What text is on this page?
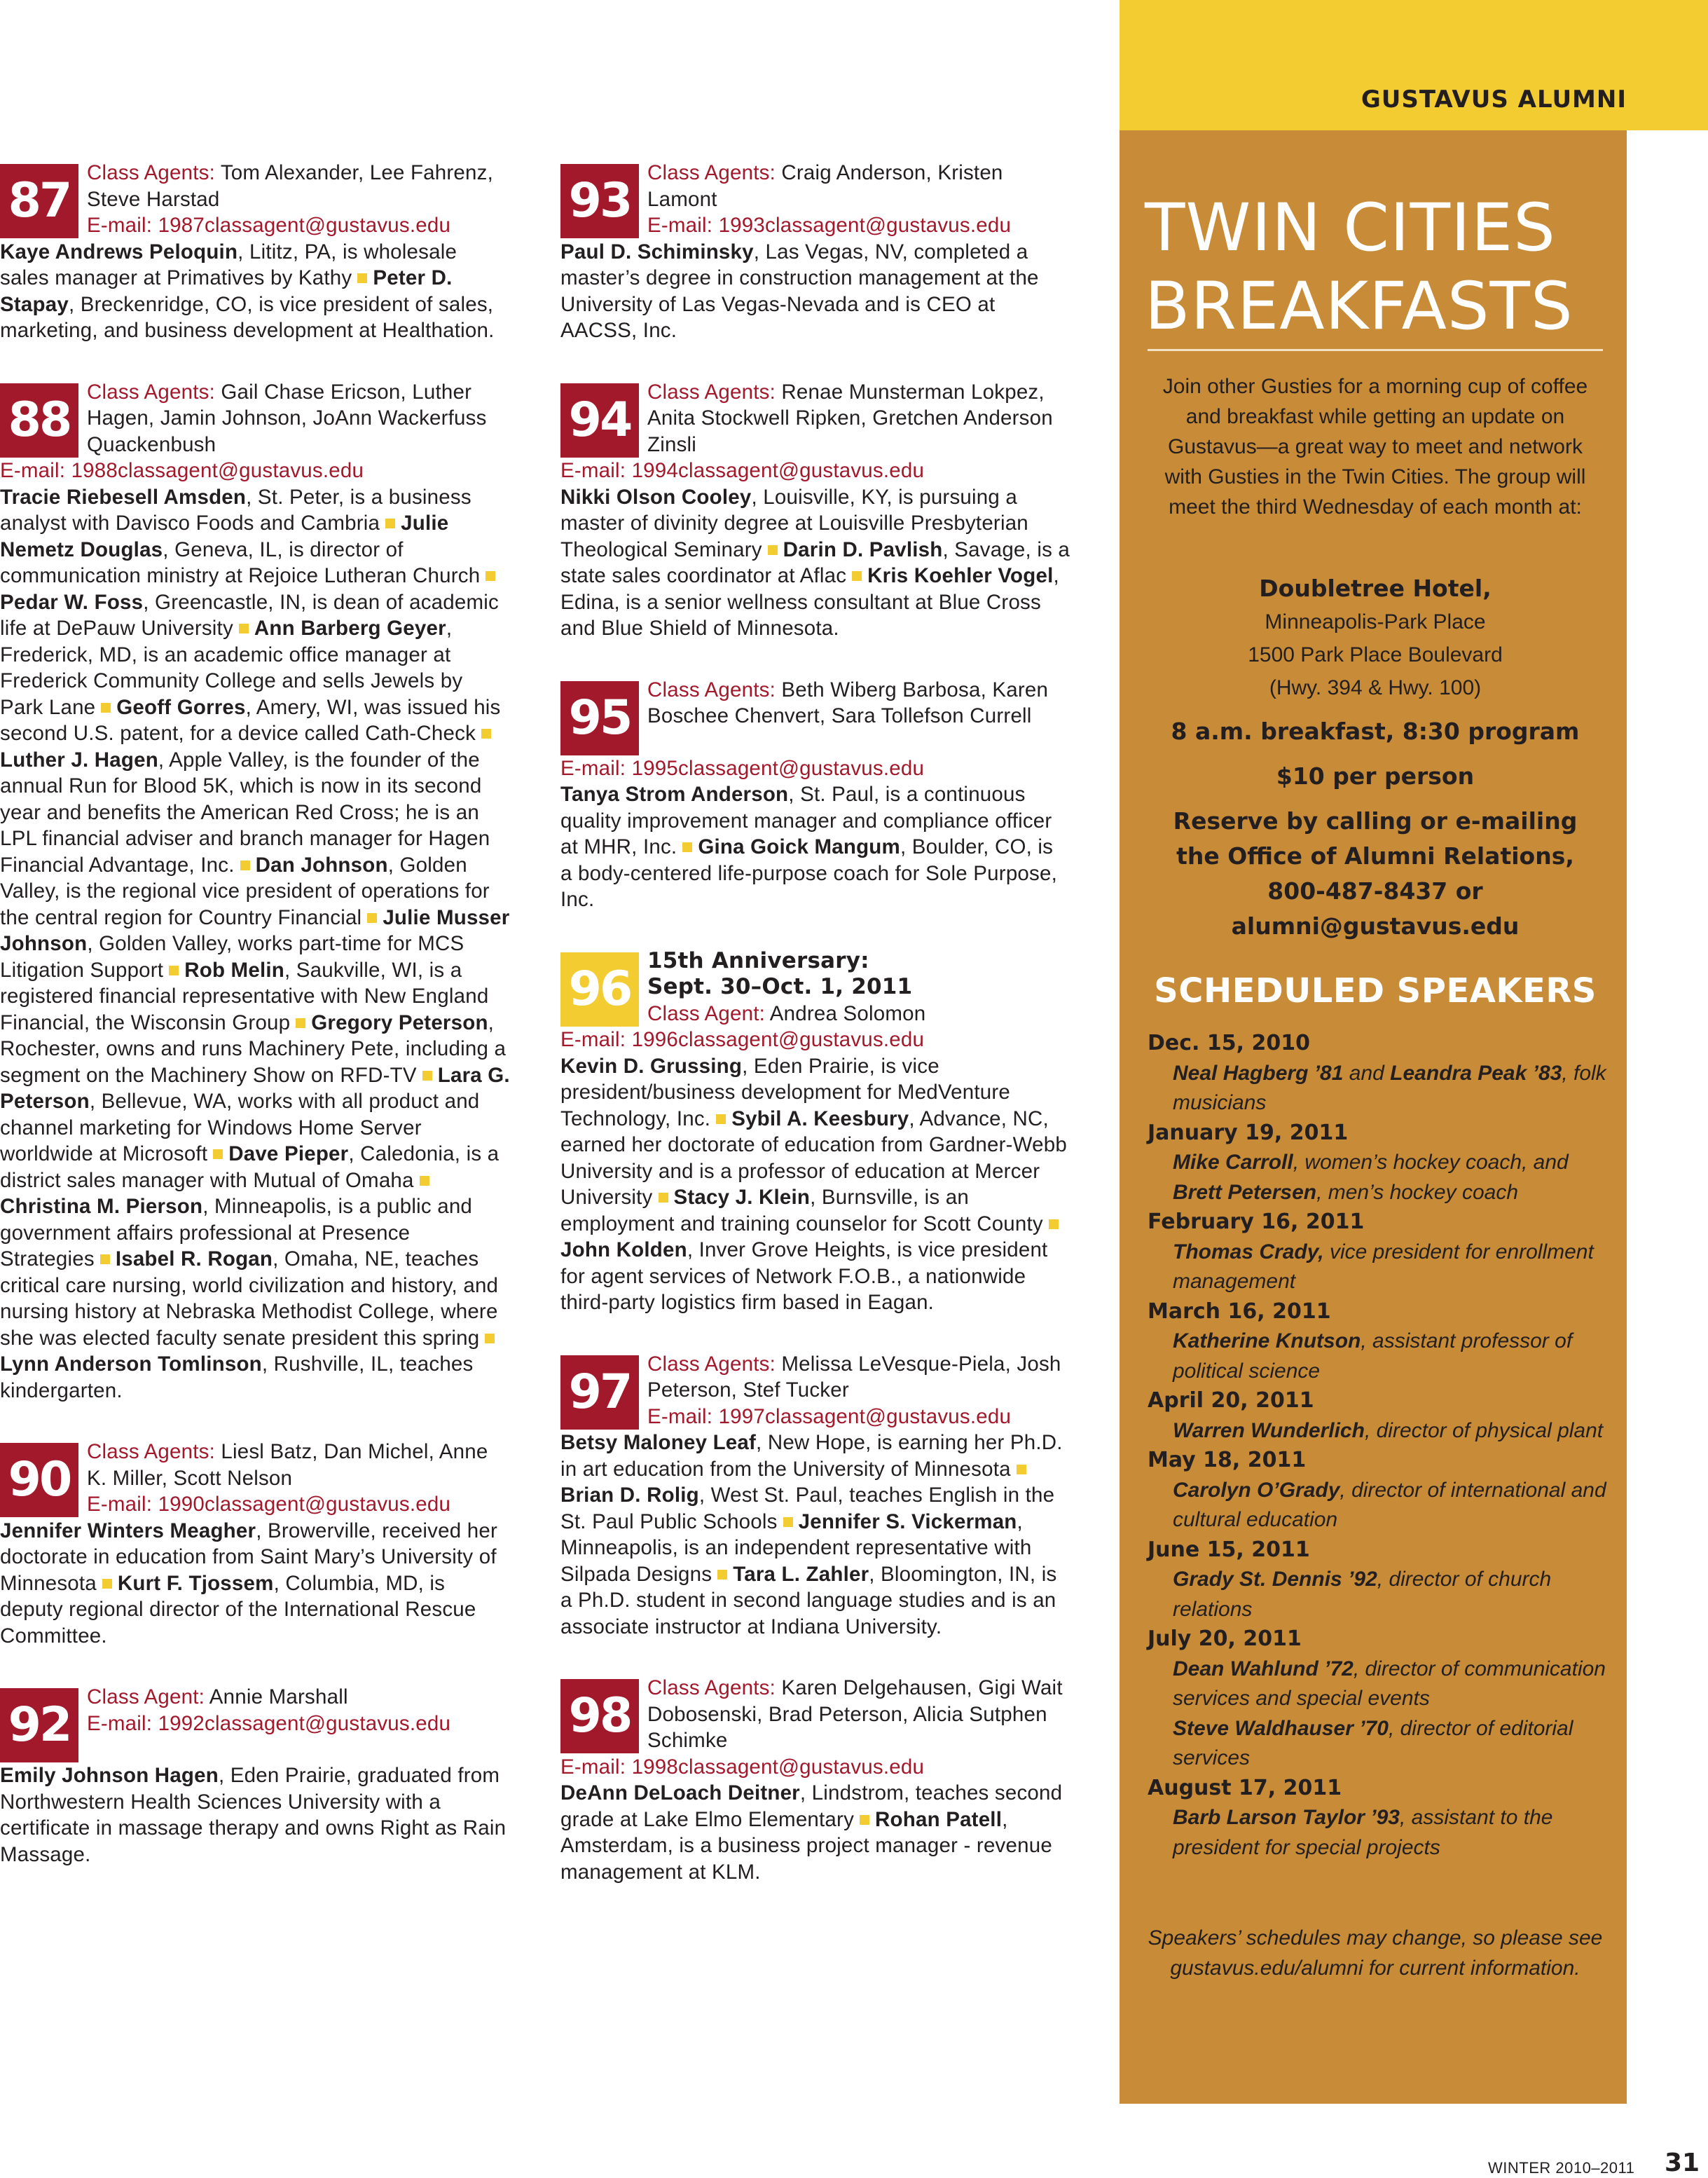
GUSTAVUS ALUMNI
TWIN CITIES
BREAKFASTS
Join other Gusties for a morning cup of coffee and breakfast while getting an update on Gustavus—a great way to meet and network with Gusties in the Twin Cities. The group will meet the third Wednesday of each month at:
Doubletree Hotel,
Minneapolis-Park Place
1500 Park Place Boulevard
(Hwy. 394 & Hwy. 100)
8 a.m. breakfast, 8:30 program
$10 per person
Reserve by calling or e-mailing
the Office of Alumni Relations,
800-487-8437 or
alumni@gustavus.edu
SCHEDULED SPEAKERS
Dec. 15, 2010
Neal Hagberg ’81 and Leandra Peak ’83, folk musicians
January 19, 2011
Mike Carroll, women’s hockey coach, and
Brett Petersen, men’s hockey coach
February 16, 2011
Thomas Crady, vice president for enrollment management
March 16, 2011
Katherine Knutson, assistant professor of political science
April 20, 2011
Warren Wunderlich, director of physical plant
May 18, 2011
Carolyn O’Grady, director of international and cultural education
June 15, 2011
Grady St. Dennis ’92, director of church relations
July 20, 2011
Dean Wahlund ’72, director of communication services and special events
Steve Waldhauser ’70, director of editorial services
August 17, 2011
Barb Larson Taylor ’93, assistant to the president for special projects
Speakers’ schedules may change, so please see gustavus.edu/alumni for current information.
87
Class Agents: Tom Alexander, Lee Fahrenz, Steve Harstad
E-mail: 1987classagent@gustavus.edu
Kaye Andrews Peloquin, Lititz, PA, is wholesale sales manager at Primatives by Kathy Peter D. Stapay, Breckenridge, CO, is vice president of sales, marketing, and business development at Healthation.
88
Class Agents: Gail Chase Ericson, Luther Hagen, Jamin Johnson, JoAnn Wackerfuss Quackenbush
E-mail: 1988classagent@gustavus.edu
Tracie Riebesell Amsden, St. Peter, is a business analyst with Davisco Foods and Cambria Julie Nemetz Douglas, Geneva, IL, is director of communication ministry at Rejoice Lutheran ChurchPedar W. Foss, Greencastle, IN, is dean of academic life at DePauw University Ann Barberg Geyer, Frederick, MD, is an academic office manager at Frederick Community College and sells Jewels by Park Lane Geoff Gorres, Amery, WI, was issued his second U.S. patent, for a device called Cath-CheckLuther J. Hagen, Apple Valley, is the founder of the annual Run for Blood 5K, which is now in its second year and benefits the American Red Cross; he is an LPL financial adviser and branch manager for Hagen Financial Advantage, Inc. Dan Johnson, Golden Valley, is the regional vice president of operations for the central region for Country Financial Julie Musser Johnson, Golden Valley, works part-time for MCS Litigation Support Rob Melin, Saukville, WI, is a registered financial representative with New England Financial, the Wisconsin Group Gregory Peterson, Rochester, owns and runs Machinery Pete, including a segment on the Machinery Show on RFD-TV Lara G. Peterson, Bellevue, WA, works with all product and channel marketing for Windows Home Server worldwide at Microsoft Dave Pieper, Caledonia, is a district sales manager with Mutual of OmahaChristina M. Pierson, Minneapolis, is a public and government affairs professional at Presence Strategies Isabel R. Rogan, Omaha, NE, teaches critical care nursing, world civilization and history, and nursing history at Nebraska Methodist College, where she was elected faculty senate president this springLynn Anderson Tomlinson, Rushville, IL, teaches kindergarten.
90
Class Agents: Liesl Batz, Dan Michel, Anne K. Miller, Scott Nelson
E-mail: 1990classagent@gustavus.edu
Jennifer Winters Meagher, Browerville, received her doctorate in education from Saint Mary’s University of Minnesota Kurt F. Tjossem, Columbia, MD, is deputy regional director of the International Rescue Committee.
92
Class Agent: Annie Marshall
E-mail: 1992classagent@gustavus.edu
Emily Johnson Hagen, Eden Prairie, graduated from Northwestern Health Sciences University with a certificate in massage therapy and owns Right as Rain Massage.
93
Class Agents: Craig Anderson, Kristen Lamont
E-mail: 1993classagent@gustavus.edu
Paul D. Schiminsky, Las Vegas, NV, completed a master’s degree in construction management at the University of Las Vegas-Nevada and is CEO at AACSS, Inc.
94
Class Agents: Renae Munsterman Lokpez, Anita Stockwell Ripken, Gretchen Anderson Zinsli
E-mail: 1994classagent@gustavus.edu
Nikki Olson Cooley, Louisville, KY, is pursuing a master of divinity degree at Louisville Presbyterian Theological Seminary Darin D. Pavlish, Savage, is a state sales coordinator at Aflac Kris Koehler Vogel, Edina, is a senior wellness consultant at Blue Cross and Blue Shield of Minnesota.
95
Class Agents: Beth Wiberg Barbosa, Karen Boschee Chenvert, Sara Tollefson Currell
E-mail: 1995classagent@gustavus.edu
Tanya Strom Anderson, St. Paul, is a continuous quality improvement manager and compliance officer at MHR, Inc. Gina Goick Mangum, Boulder, CO, is a body-centered life-purpose coach for Sole Purpose, Inc.
96
15th Anniversary:
Sept. 30–Oct. 1, 2011
Class Agent: Andrea Solomon
E-mail: 1996classagent@gustavus.edu
Kevin D. Grussing, Eden Prairie, is vice president/business development for MedVenture Technology, Inc. Sybil A. Keesbury, Advance, NC, earned her doctorate of education from Gardner-Webb University and is a professor of education at Mercer University Stacy J. Klein, Burnsville, is an employment and training counselor for Scott CountyJohn Kolden, Inver Grove Heights, is vice president for agent services of Network F.O.B., a nationwide third-party logistics firm based in Eagan.
97
Class Agents: Melissa LeVesque-Piela, Josh Peterson, Stef Tucker
E-mail: 1997classagent@gustavus.edu
Betsy Maloney Leaf, New Hope, is earning her Ph.D. in art education from the University of MinnesotaBrian D. Rolig, West St. Paul, teaches English in the St. Paul Public Schools Jennifer S. Vickerman, Minneapolis, is an independent representative with Silpada Designs Tara L. Zahler, Bloomington, IN, is a Ph.D. student in second language studies and is an associate instructor at Indiana University.
98
Class Agents: Karen Delgehausen, Gigi Wait Dobosenski, Brad Peterson, Alicia Sutphen Schimke
E-mail: 1998classagent@gustavus.edu
DeAnn DeLoach Deitner, Lindstrom, teaches second grade at Lake Elmo Elementary Rohan Patell, Amsterdam, is a business project manager - revenue management at KLM.
WINTER 2010–2011 31
